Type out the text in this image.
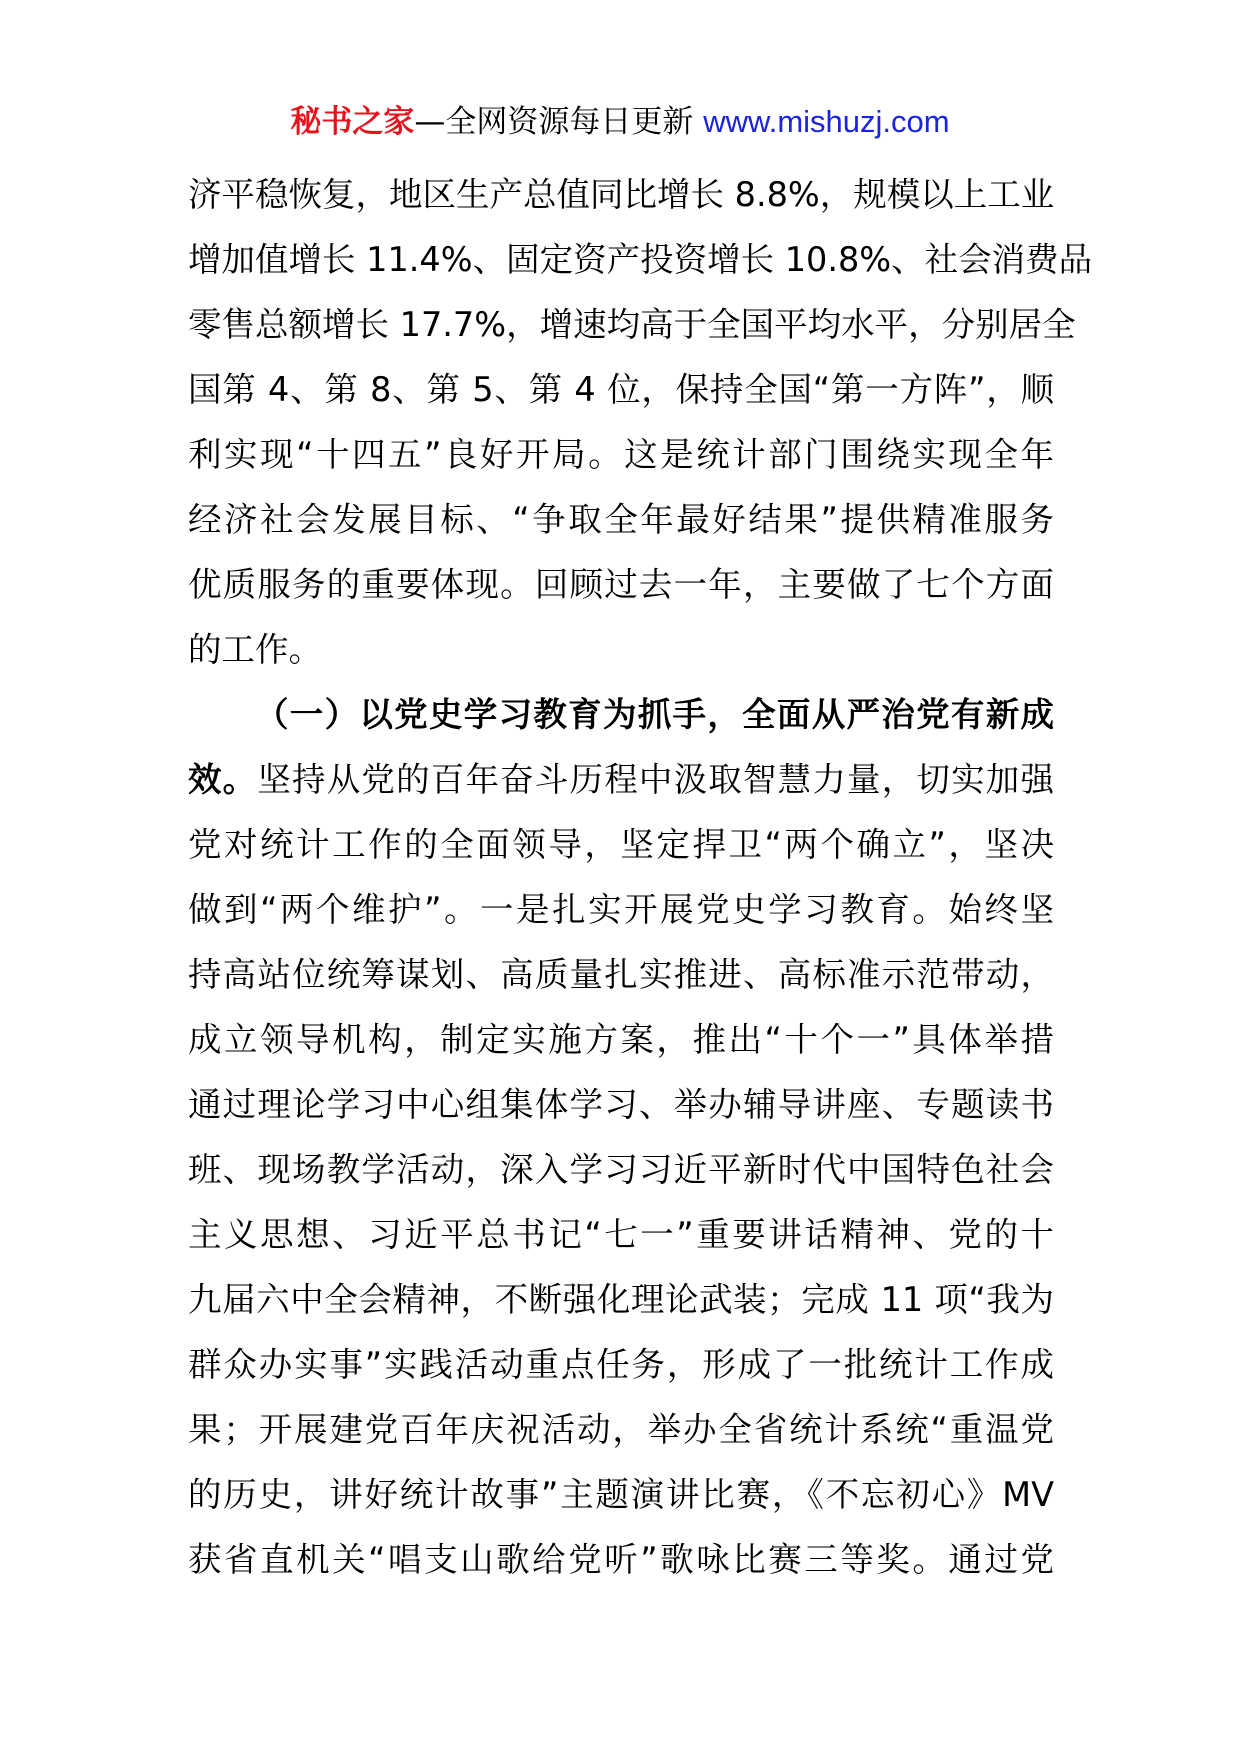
秘书之家—全网资源每日更新 www.mishuzj.com
济平稳恢复，地区生产总值同比增长 8.8%，规模以上工业
增加值增长 11.4%、固定资产投资增长 10.8%、社会消费品
零售总额增长 17.7%，增速均高于全国平均水平，分别居全
国第 4、第 8、第 5、第 4 位，保持全国“第一方阵”，顺
利实现“十四五”良好开局。这是统计部门围绕实现全年
经济社会发展目标、“争取全年最好结果”提供精准服务
优质服务的重要体现。回顾过去一年，主要做了七个方面
的工作。
（一）以党史学习教育为抓手，全面从严治党有新成
效。坚持从党的百年奋斗历程中汲取智慧力量，切实加强
党对统计工作的全面领导，坚定捍卫“两个确立”，坚决
做到“两个维护”。一是扎实开展党史学习教育。始终坚
持高站位统筹谋划、高质量扎实推进、高标准示范带动，
成立领导机构，制定实施方案，推出“十个一”具体举措
通过理论学习中心组集体学习、举办辅导讲座、专题读书
班、现场教学活动，深入学习习近平新时代中国特色社会
主义思想、习近平总书记“七一”重要讲话精神、党的十
九届六中全会精神，不断强化理论武装；完成 11 项“我为
群众办实事”实践活动重点任务，形成了一批统计工作成
果；开展建党百年庆祝活动，举办全省统计系统“重温党
的历史，讲好统计故事”主题演讲比赛，《不忘初心》MV
获省直机关“唱支山歌给党听”歌咏比赛三等奖。通过党
